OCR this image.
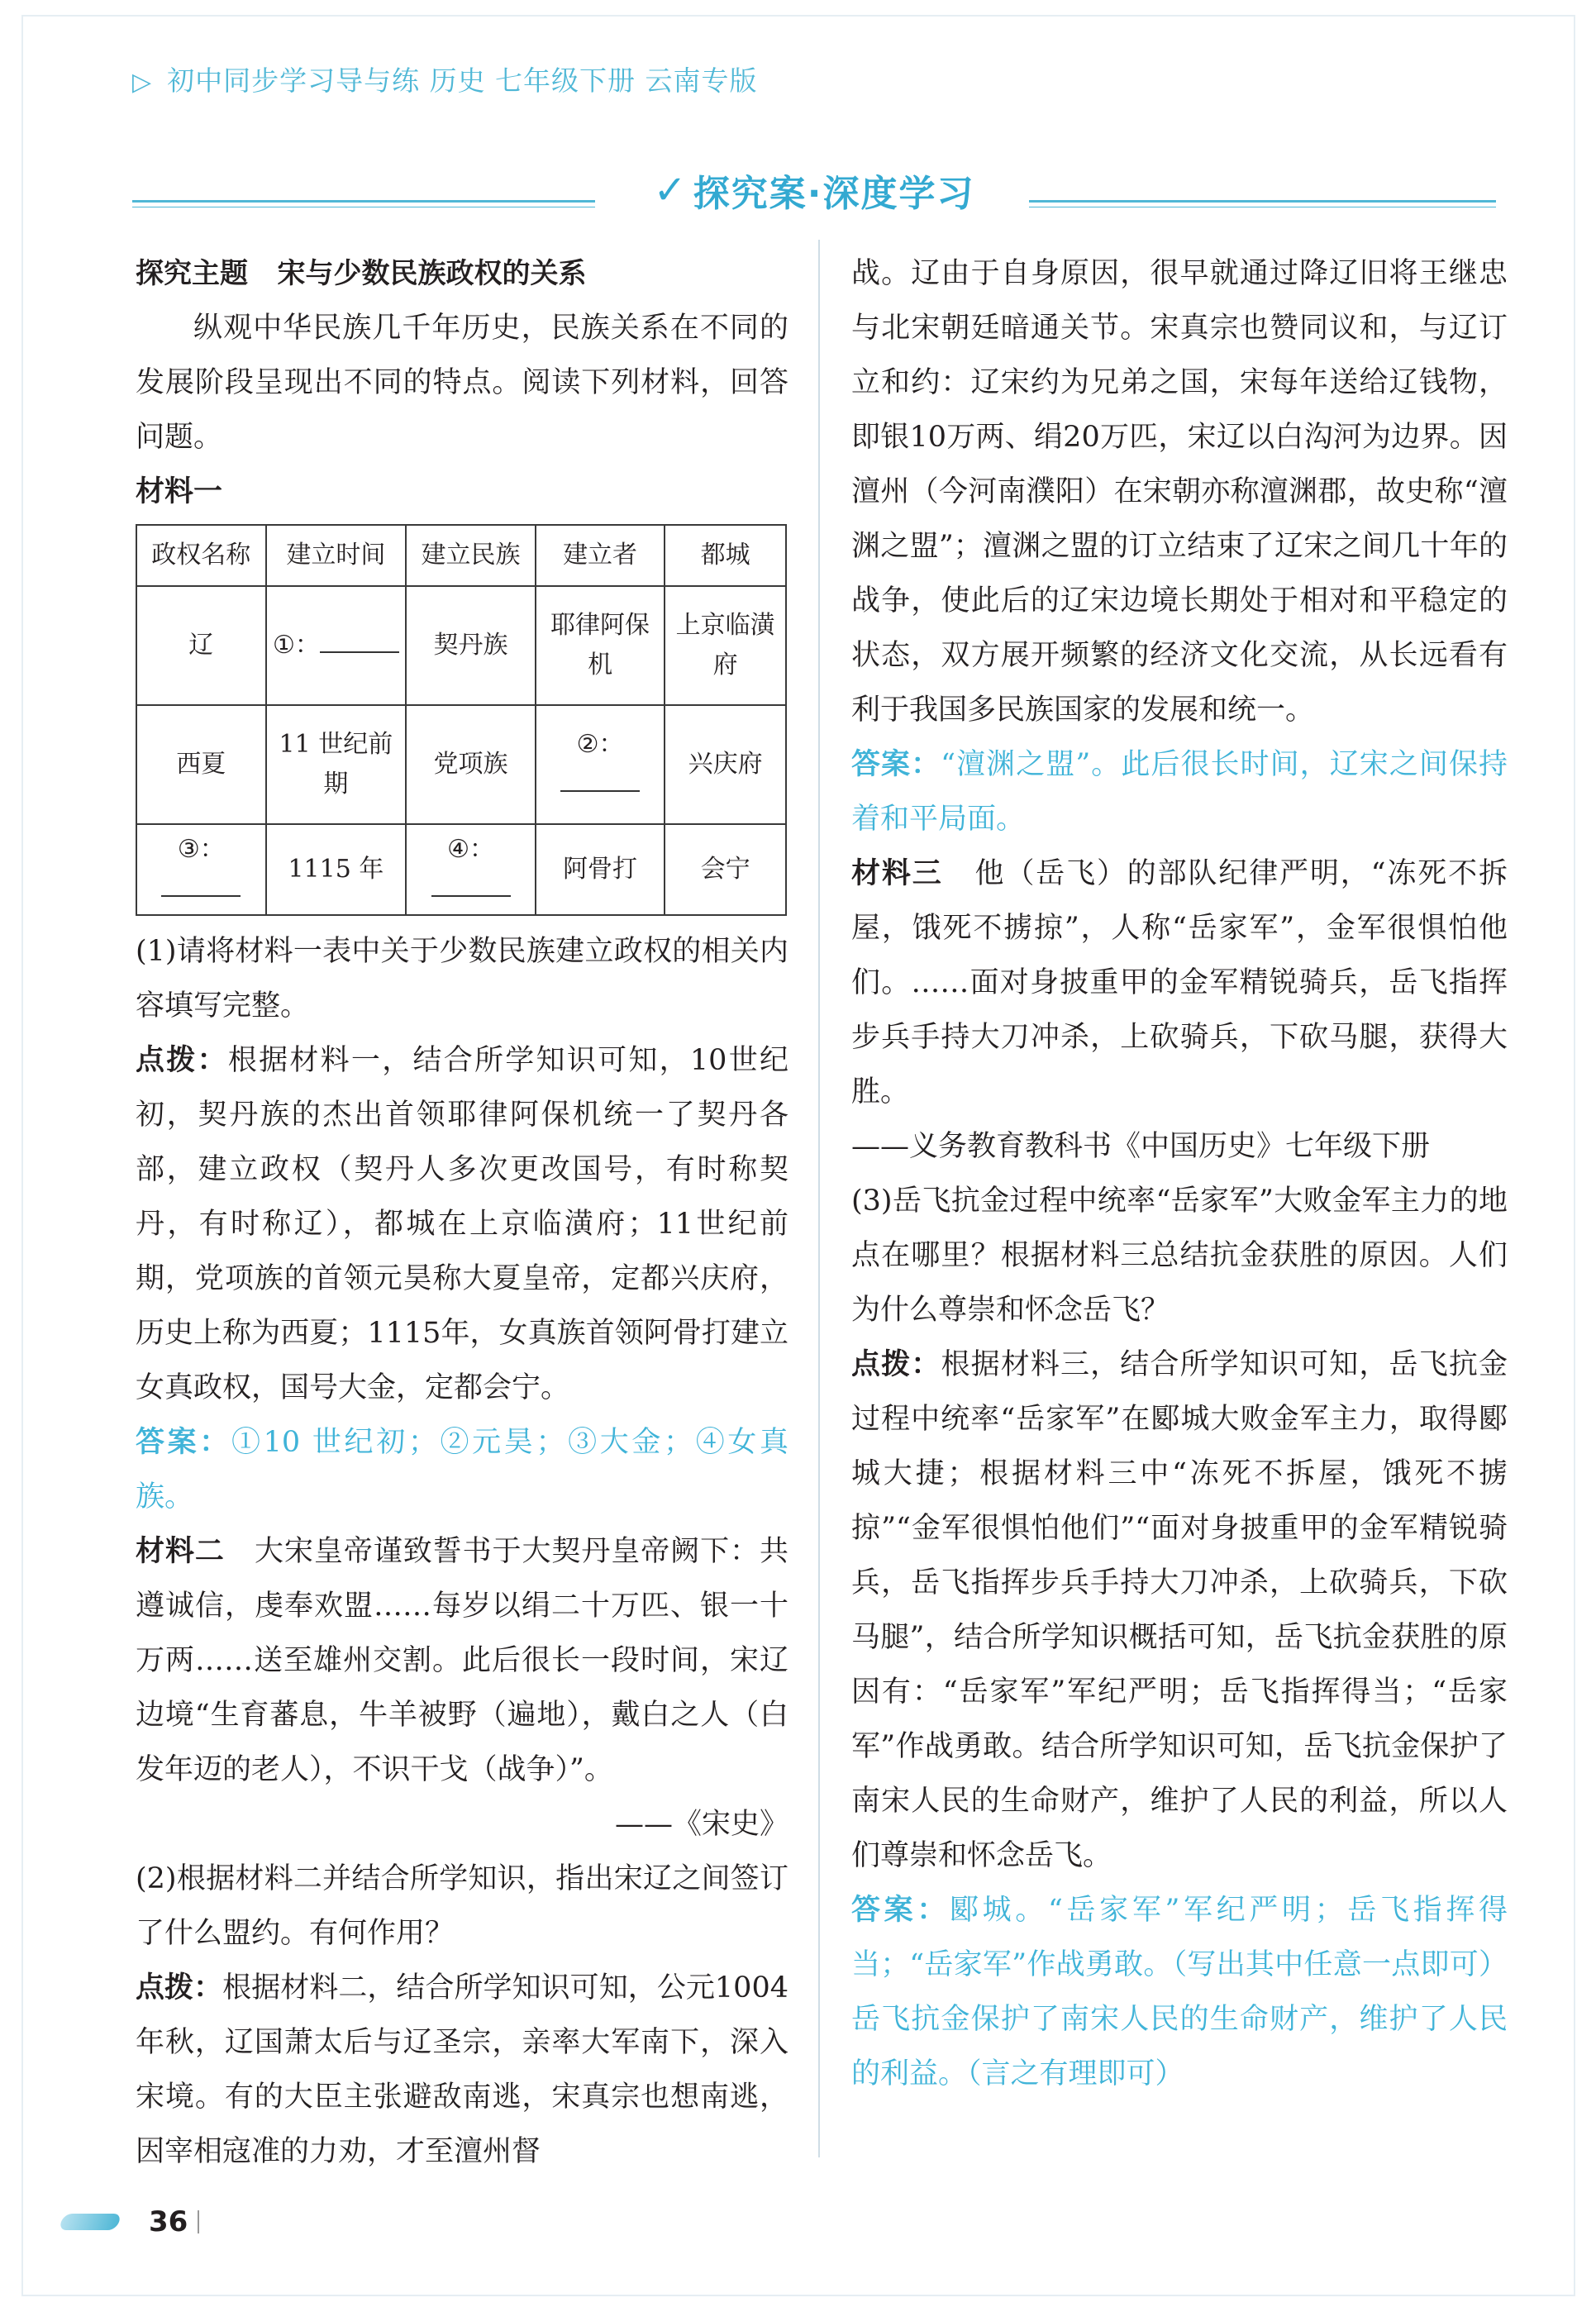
▷ 初中同步学习导与练 历史 七年级下册 云南专版
✓ 探究案·深度学习

探究主题 宋与少数民族政权的关系

纵观中华民族几千年历史，民族关系在不同的发展阶段呈现出不同的特点。阅读下列材料，回答问题。

材料一

政权名称	建立时间	建立民族	建立者	都城
辽	①：	契丹族	耶律阿保机	上京临潢府
西夏	11 世纪前期	党项族	②：	兴庆府
③：	1115 年	④：	阿骨打	会宁

(1)请将材料一表中关于少数民族建立政权的相关内容填写完整。

点拨：根据材料一，结合所学知识可知，10世纪初，契丹族的杰出首领耶律阿保机统一了契丹各部，建立政权（契丹人多次更改国号，有时称契丹，有时称辽），都城在上京临潢府；11世纪前期，党项族的首领元昊称大夏皇帝，定都兴庆府，历史上称为西夏；1115年，女真族首领阿骨打建立女真政权，国号大金，定都会宁。

答案：①10 世纪初；②元昊；③大金；④女真族。

材料二 大宋皇帝谨致誓书于大契丹皇帝阙下：共遵诚信，虔奉欢盟……每岁以绢二十万匹、银一十万两……送至雄州交割。此后很长一段时间，宋辽边境“生育蕃息，牛羊被野（遍地），戴白之人（白发年迈的老人），不识干戈（战争）”。

——《宋史》

(2)根据材料二并结合所学知识，指出宋辽之间签订了什么盟约。有何作用？

点拨：根据材料二，结合所学知识可知，公元1004年秋，辽国萧太后与辽圣宗，亲率大军南下，深入宋境。有的大臣主张避敌南逃，宋真宗也想南逃，因宰相寇准的力劝，才至澶州督

战。辽由于自身原因，很早就通过降辽旧将王继忠与北宋朝廷暗通关节。宋真宗也赞同议和，与辽订立和约：辽宋约为兄弟之国，宋每年送给辽钱物，即银10万两、绢20万匹，宋辽以白沟河为边界。因澶州（今河南濮阳）在宋朝亦称澶渊郡，故史称“澶渊之盟”；澶渊之盟的订立结束了辽宋之间几十年的战争，使此后的辽宋边境长期处于相对和平稳定的状态，双方展开频繁的经济文化交流，从长远看有利于我国多民族国家的发展和统一。

答案：“澶渊之盟”。此后很长时间，辽宋之间保持着和平局面。

材料三 他（岳飞）的部队纪律严明，“冻死不拆屋，饿死不掳掠”，人称“岳家军”，金军很惧怕他们。……面对身披重甲的金军精锐骑兵，岳飞指挥步兵手持大刀冲杀，上砍骑兵，下砍马腿，获得大胜。

——义务教育教科书《中国历史》七年级下册

(3)岳飞抗金过程中统率“岳家军”大败金军主力的地点在哪里？根据材料三总结抗金获胜的原因。人们为什么尊崇和怀念岳飞？

点拨：根据材料三，结合所学知识可知，岳飞抗金过程中统率“岳家军”在郾城大败金军主力，取得郾城大捷；根据材料三中“冻死不拆屋，饿死不掳掠”“金军很惧怕他们”“面对身披重甲的金军精锐骑兵，岳飞指挥步兵手持大刀冲杀，上砍骑兵，下砍马腿”，结合所学知识概括可知，岳飞抗金获胜的原因有：“岳家军”军纪严明；岳飞指挥得当；“岳家军”作战勇敢。结合所学知识可知，岳飞抗金保护了南宋人民的生命财产，维护了人民的利益，所以人们尊崇和怀念岳飞。

答案：郾城。“岳家军”军纪严明；岳飞指挥得当；“岳家军”作战勇敢。（写出其中任意一点即可）岳飞抗金保护了南宋人民的生命财产，维护了人民的利益。（言之有理即可）

36
